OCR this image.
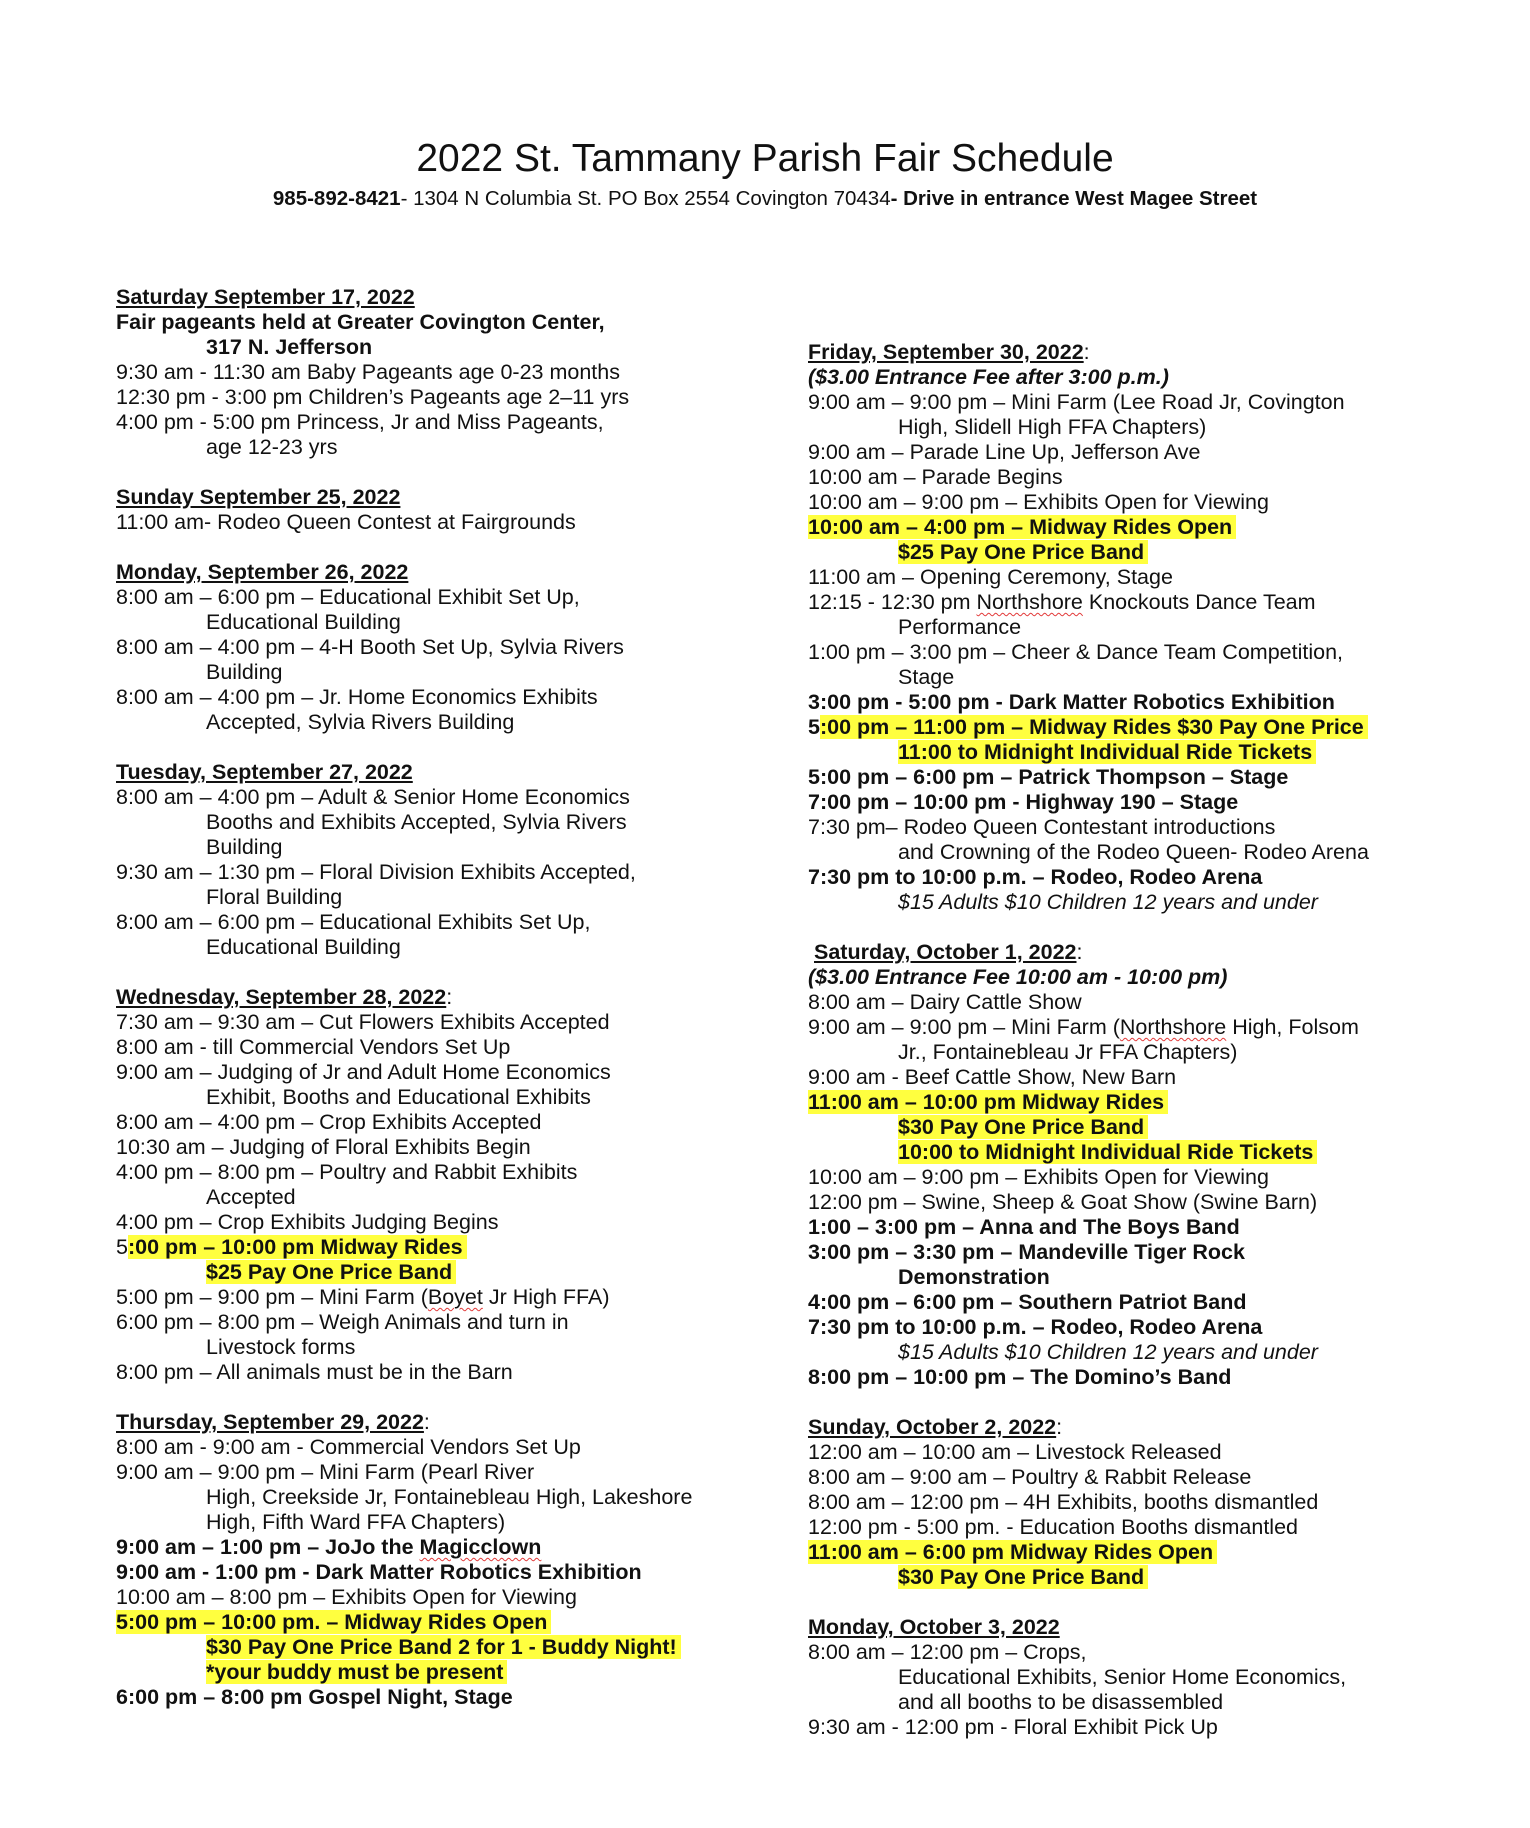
2022 St. Tammany Parish Fair Schedule
985-892-8421- 1304 N Columbia St. PO Box 2554 Covington 70434- Drive in entrance West Magee Street
Saturday September 17, 2022
Fair pageants held at Greater Covington Center,
317 N. Jefferson
9:30 am - 11:30 am Baby Pageants age 0-23 months
12:30 pm - 3:00 pm Children’s Pageants age 2–11 yrs
4:00 pm - 5:00 pm Princess, Jr and Miss Pageants,
age 12-23 yrs
Sunday September 25, 2022
11:00 am- Rodeo Queen Contest at Fairgrounds
Monday, September 26, 2022
8:00 am – 6:00 pm – Educational Exhibit Set Up,
Educational Building
8:00 am – 4:00 pm – 4-H Booth Set Up, Sylvia Rivers
Building
8:00 am – 4:00 pm – Jr. Home Economics Exhibits
Accepted, Sylvia Rivers Building
Tuesday, September 27, 2022
8:00 am – 4:00 pm – Adult & Senior Home Economics
Booths and Exhibits Accepted, Sylvia Rivers
Building
9:30 am – 1:30 pm – Floral Division Exhibits Accepted,
Floral Building
8:00 am – 6:00 pm – Educational Exhibits Set Up,
Educational Building
Wednesday, September 28, 2022:
7:30 am – 9:30 am – Cut Flowers Exhibits Accepted
8:00 am - till Commercial Vendors Set Up
9:00 am – Judging of Jr and Adult Home Economics
Exhibit, Booths and Educational Exhibits
8:00 am – 4:00 pm – Crop Exhibits Accepted
10:30 am – Judging of Floral Exhibits Begin
4:00 pm – 8:00 pm – Poultry and Rabbit Exhibits
Accepted
4:00 pm – Crop Exhibits Judging Begins
5:00 pm – 10:00 pm Midway Rides
$25 Pay One Price Band
5:00 pm – 9:00 pm – Mini Farm (Boyet Jr High FFA)
6:00 pm – 8:00 pm – Weigh Animals and turn in
Livestock forms
8:00 pm – All animals must be in the Barn
Thursday, September 29, 2022:
8:00 am - 9:00 am - Commercial Vendors Set Up
9:00 am – 9:00 pm – Mini Farm (Pearl River
High, Creekside Jr, Fontainebleau High, Lakeshore
High, Fifth Ward FFA Chapters)
9:00 am – 1:00 pm – JoJo the Magicclown
9:00 am - 1:00 pm - Dark Matter Robotics Exhibition
10:00 am – 8:00 pm – Exhibits Open for Viewing
5:00 pm – 10:00 pm. – Midway Rides Open
$30 Pay One Price Band 2 for 1 - Buddy Night!
*your buddy must be present
6:00 pm – 8:00 pm Gospel Night, Stage
Friday, September 30, 2022:
($3.00 Entrance Fee after 3:00 p.m.)
9:00 am – 9:00 pm – Mini Farm (Lee Road Jr, Covington
High, Slidell High FFA Chapters)
9:00 am – Parade Line Up, Jefferson Ave
10:00 am – Parade Begins
10:00 am – 9:00 pm – Exhibits Open for Viewing
10:00 am – 4:00 pm – Midway Rides Open
$25 Pay One Price Band
11:00 am – Opening Ceremony, Stage
12:15 - 12:30 pm Northshore Knockouts Dance Team
Performance
1:00 pm – 3:00 pm – Cheer & Dance Team Competition,
Stage
3:00 pm - 5:00 pm - Dark Matter Robotics Exhibition
5:00 pm – 11:00 pm – Midway Rides $30 Pay One Price
11:00 to Midnight Individual Ride Tickets
5:00 pm – 6:00 pm – Patrick Thompson – Stage
7:00 pm – 10:00 pm - Highway 190 – Stage
7:30 pm– Rodeo Queen Contestant introductions
and Crowning of the Rodeo Queen- Rodeo Arena
7:30 pm to 10:00 p.m. – Rodeo, Rodeo Arena
$15 Adults $10 Children 12 years and under
Saturday, October 1, 2022:
($3.00 Entrance Fee 10:00 am - 10:00 pm)
8:00 am – Dairy Cattle Show
9:00 am – 9:00 pm – Mini Farm (Northshore High, Folsom
Jr., Fontainebleau Jr FFA Chapters)
9:00 am - Beef Cattle Show, New Barn
11:00 am – 10:00 pm Midway Rides
$30 Pay One Price Band
10:00 to Midnight Individual Ride Tickets
10:00 am – 9:00 pm – Exhibits Open for Viewing
12:00 pm – Swine, Sheep & Goat Show (Swine Barn)
1:00 – 3:00 pm – Anna and The Boys Band
3:00 pm – 3:30 pm – Mandeville Tiger Rock
Demonstration
4:00 pm – 6:00 pm – Southern Patriot Band
7:30 pm to 10:00 p.m. – Rodeo, Rodeo Arena
$15 Adults $10 Children 12 years and under
8:00 pm – 10:00 pm – The Domino’s Band
Sunday, October 2, 2022:
12:00 am – 10:00 am – Livestock Released
8:00 am – 9:00 am – Poultry & Rabbit Release
8:00 am – 12:00 pm – 4H Exhibits, booths dismantled
12:00 pm - 5:00 pm. - Education Booths dismantled
11:00 am – 6:00 pm Midway Rides Open
$30 Pay One Price Band
Monday, October 3, 2022
8:00 am – 12:00 pm – Crops,
Educational Exhibits, Senior Home Economics,
and all booths to be disassembled
9:30 am - 12:00 pm - Floral Exhibit Pick Up
